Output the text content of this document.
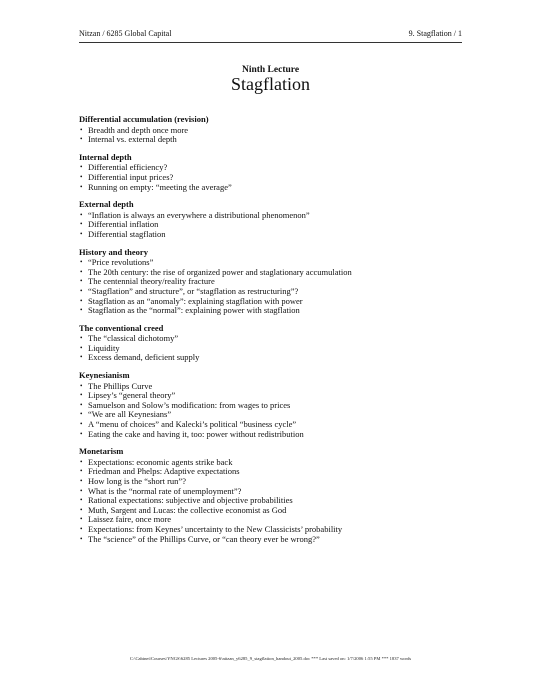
Nitzan / 6285 Global Capital	9. Stagflation / 1
Ninth Lecture
Stagflation
Differential accumulation (revision)
• Breadth and depth once more
• Internal vs. external depth
Internal depth
• Differential efficiency?
• Differential input prices?
• Running on empty: “meeting the average”
External depth
• “Inflation is always an everywhere a distributional phenomenon”
• Differential inflation
• Differential stagflation
History and theory
• “Price revolutions”
• The 20th century: the rise of organized power and staglationary accumulation
• The centennial theory/reality fracture
• “Stagflation” and structure”, or “stagflation as restructuring”?
• Stagflation as an “anomaly”: explaining stagflation with power
• Stagflation as the “normal”: explaining power with stagflation
The conventional creed
• The “classical dichotomy”
• Liquidity
• Excess demand, deficient supply
Keynesianism
• The Phillips Curve
• Lipsey’s “general theory”
• Samuelson and Solow’s modification: from wages to prices
• “We are all Keynesians”
• A “menu of choices” and Kalecki’s political “business cycle”
• Eating the cake and having it, too: power without redistribution
Monetarism
• Expectations: economic agents strike back
• Friedman and Phelps: Adaptive expectations
• How long is the “short run”?
• What is the “normal rate of unemployment”?
• Rational expectations: subjective and objective probabilities
• Muth, Sargent and Lucas: the collective economist as God
• Laissez faire, once more
• Expectations: from Keynes’ uncertainty to the New Classicists’ probability
• The “science” of the Phillips Curve, or “can theory ever be wrong?”
C:\Cabinet\Courses\YNGS\6285 Lectures 2005-6\nitzan_y6285_9_stagflation_handout_2005.doc *** Last saved on: 1/7/2006 1:55 PM *** 1837 words
